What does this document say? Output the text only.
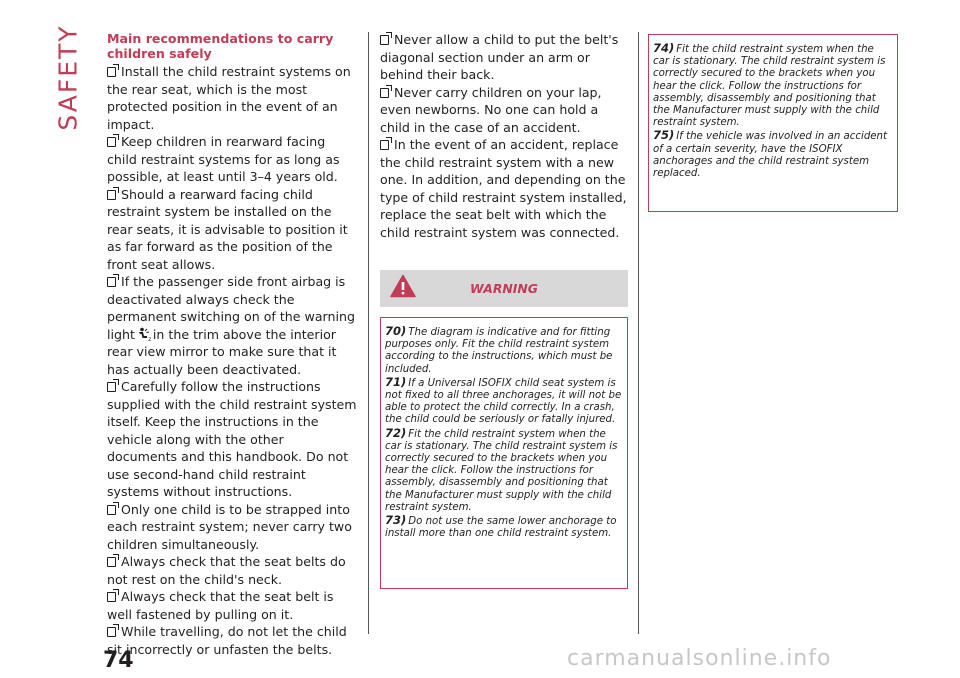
SAFETY Main recommendations to carry children safely

Install the child restraint systems on the rear seat, which is the most protected position in the event of an impact.

Keep children in rearward facing child restraint systems for as long as possible, at least until 3–4 years old.

Should a rearward facing child restraint system be installed on the rear seats, it is advisable to position it as far forward as the position of the front seat allows.

If the passenger side front airbag is deactivated always check the permanent switching on of the warning light	2 in the trim above the interior rear view mirror to make sure that it has actually been deactivated.

Carefully follow the instructions supplied with the child restraint system itself. Keep the instructions in the vehicle along with the other documents and this handbook. Do not use second-hand child restraint systems without instructions.

Only one child is to be strapped into each restraint system; never carry two children simultaneously.

Always check that the seat belts do not rest on the child's neck.

Always check that the seat belt is well fastened by pulling on it.

While travelling, do not let the child sit incorrectly or unfasten the belts.

Never allow a child to put the belt's diagonal section under an arm or behind their back.

Never carry children on your lap, even newborns. No one can hold a child in the case of an accident.

In the event of an accident, replace the child restraint system with a new one. In addition, and depending on the type of child restraint system installed, replace the seat belt with which the child restraint system was connected.

WARNING

70) The diagram is indicative and for fitting purposes only. Fit the child restraint system according to the instructions, which must be included.

71) If a Universal ISOFIX child seat system is not fixed to all three anchorages, it will not be able to protect the child correctly. In a crash, the child could be seriously or fatally injured.

72) Fit the child restraint system when the car is stationary. The child restraint system is correctly secured to the brackets when you hear the click. Follow the instructions for assembly, disassembly and positioning that the Manufacturer must supply with the child restraint system.

73) Do not use the same lower anchorage to install more than one child restraint system.

74) Fit the child restraint system when the car is stationary. The child restraint system is correctly secured to the brackets when you hear the click. Follow the instructions for assembly, disassembly and positioning that the Manufacturer must supply with the child restraint system.

75) If the vehicle was involved in an accident of a certain severity, have the ISOFIX anchorages and the child restraint system replaced.

74	carmanualsonline.info
